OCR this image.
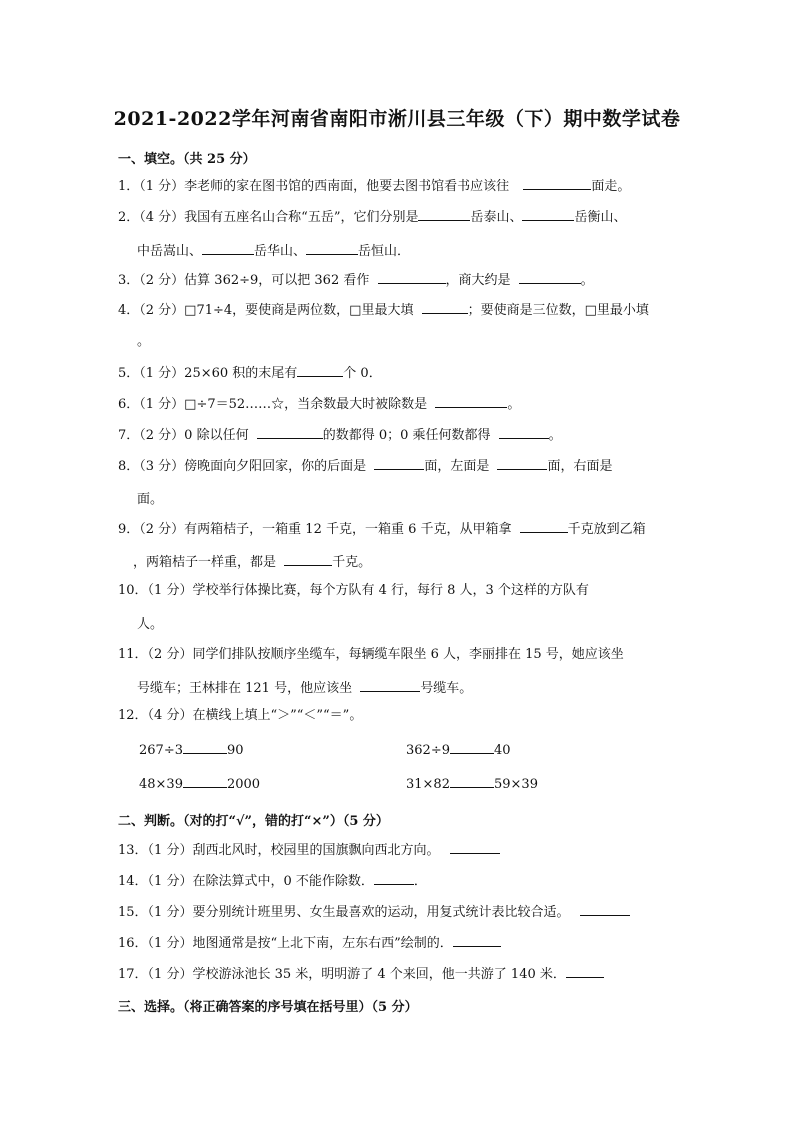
2021-2022学年河南省南阳市淅川县三年级（下）期中数学试卷
一、填空。（共 25 分）
1．（1 分）李老师的家在图书馆的西南面，他要去图书馆看书应该往	面走。
2．（4 分）我国有五座名山合称“五岳”，它们分别是	岳泰山、	岳衡山、
中岳嵩山、	岳华山、	岳恒山．
3．（2 分）估算 362÷9，可以把 362 看作	，商大约是	。
4．（2 分）□71÷4，要使商是两位数，□里最大填	；要使商是三位数，□里最小填
。
5．（1 分）25×60 积的末尾有	个 0．
6．（1 分）□÷7＝52……☆，当余数最大时被除数是	。
7．（2 分）0 除以任何	的数都得 0；0 乘任何数都得	。
8．（3 分）傍晚面向夕阳回家，你的后面是	面，左面是	面，右面是
面。
9．（2 分）有两箱桔子，一箱重 12 千克，一箱重 6 千克，从甲箱拿	千克放到乙箱
，两箱桔子一样重，都是	千克。
10．（1 分）学校举行体操比赛，每个方队有 4 行，每行 8 人，3 个这样的方队有
人。
11．（2 分）同学们排队按顺序坐缆车，每辆缆车限坐 6 人，李丽排在 15 号，她应该坐
号缆车；王林排在 121 号，他应该坐	号缆车。
12．（4 分）在横线上填上“＞”“＜”“＝”。
267÷3	90	362÷9	40
48×39	2000	31×82	59×39
二、判断。（对的打“√”，错的打“×”）（5 分）
13．（1 分）刮西北风时，校园里的国旗飘向西北方向。
14．（1 分）在除法算式中，0 不能作除数．	．
15．（1 分）要分别统计班里男、女生最喜欢的运动，用复式统计表比较合适。
16．（1 分）地图通常是按“上北下南，左东右西”绘制的．
17．（1 分）学校游泳池长 35 米，明明游了 4 个来回，他一共游了 140 米．
三、选择。（将正确答案的序号填在括号里）（5 分）
